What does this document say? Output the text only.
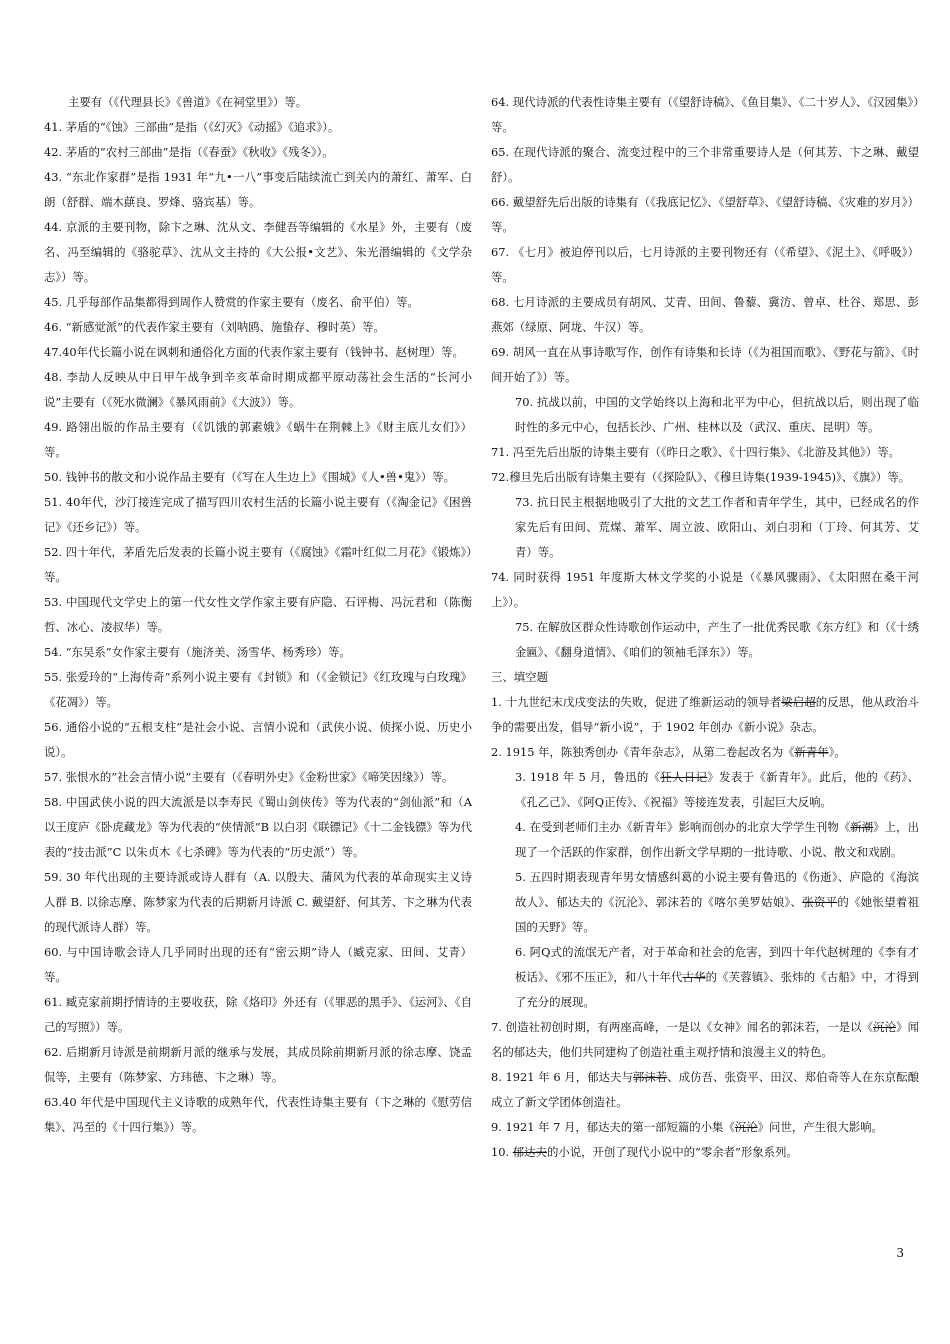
主要有（《代理县长》《兽道》《在祠堂里》）等。

41. 茅盾的“《蚀》三部曲”是指（《幻灭》《动摇》《追求》）。

42. 茅盾的“农村三部曲”是指（《春蚕》《秋收》《残冬》）。

43. “东北作家群”是指 1931 年“九•一八”事变后陆续流亡到关内的萧红、萧军、白朗（舒群、端木蕻良、罗烽、骆宾基）等。

44. 京派的主要刊物，除卞之琳、沈从文、李健吾等编辑的《水星》外，主要有（废名、冯至编辑的《骆驼草》、沈从文主持的《大公报•文艺》、朱光潜编辑的《文学杂志》）等。

45. 几乎每部作品集都得到周作人赞赏的作家主要有（废名、俞平伯）等。

46. “新感觉派”的代表作家主要有（刘呐鸥、施蛰存、穆时英）等。

47.40年代长篇小说在讽刺和通俗化方面的代表作家主要有（钱钟书、赵树理）等。

48. 李劼人反映从中日甲午战争到辛亥革命时期成都平原动荡社会生活的“长河小说”主要有（《死水微澜》《暴风雨前》《大波》）等。

49. 路翎出版的作品主要有（《饥饿的郭素娥》《蜗牛在荆棘上》《财主底儿女们》）等。

50. 钱钟书的散文和小说作品主要有（《写在人生边上》《围城》《人•兽•鬼》）等。

51. 40年代，沙汀接连完成了描写四川农村生活的长篇小说主要有（《淘金记》《困兽记》《还乡记》）等。

52. 四十年代，茅盾先后发表的长篇小说主要有（《腐蚀》《霜叶红似二月花》《锻炼》）等。

53. 中国现代文学史上的第一代女性文学作家主要有庐隐、石评梅、冯沅君和（陈衡哲、冰心、凌叔华）等。

54. “东吴系”女作家主要有（施济美、汤雪华、杨秀珍）等。

55. 张爱玲的“上海传奇”系列小说主要有《封锁》和（《金锁记》《红玫瑰与白玫瑰》《花凋》）等。

56. 通俗小说的“五根支柱”是社会小说、言情小说和（武侠小说、侦探小说、历史小说）。

57. 张恨水的“社会言情小说”主要有（《春明外史》《金粉世家》《啼笑因缘》）等。

58. 中国武侠小说的四大流派是以李寿民《蜀山剑侠传》等为代表的“剑仙派”和（A 以王度庐《卧虎藏龙》等为代表的“侠情派”B 以白羽《联镖记》《十二金钱镖》等为代表的“技击派”C 以朱贞木《七杀碑》等为代表的“历史派”）等。

59. 30 年代出现的主要诗派或诗人群有（A. 以殷夫、蒲风为代表的革命现实主义诗人群 B. 以徐志摩、陈梦家为代表的后期新月诗派 C. 戴望舒、何其芳、卞之琳为代表的现代派诗人群）等。

60. 与中国诗歌会诗人几乎同时出现的还有“密云期”诗人（臧克家、田间、艾青）等。

61. 臧克家前期抒情诗的主要收获，除《烙印》外还有（《罪恶的黑手》、《运河》、《自己的写照》）等。

62. 后期新月诗派是前期新月派的继承与发展，其成员除前期新月派的徐志摩、饶孟侃等，主要有（陈梦家、方玮德、卞之琳）等。

63.40 年代是中国现代主义诗歌的成熟年代，代表性诗集主要有（卞之琳的《慰劳信集》、冯至的《十四行集》）等。

64. 现代诗派的代表性诗集主要有（《望舒诗稿》、《鱼目集》、《二十岁人》、《汉园集》）等。

65. 在现代诗派的聚合、流变过程中的三个非常重要诗人是（何其芳、卞之琳、戴望舒）。

66. 戴望舒先后出版的诗集有（《我底记忆》、《望舒草》、《望舒诗稿、《灾难的岁月》）等。

67. 《七月》被迫停刊以后，七月诗派的主要刊物还有（《希望》、《泥土》、《呼吸》）等。

68. 七月诗派的主要成员有胡风、艾青、田间、鲁藜、冀汸、曾卓、杜谷、郑思、彭燕郊（绿原、阿垅、牛汉）等。

69. 胡风一直在从事诗歌写作，创作有诗集和长诗（《为祖国而歌》、《野花与箭》、《时间开始了》）等。

70. 抗战以前，中国的文学始终以上海和北平为中心，但抗战以后，则出现了临时性的多元中心，包括长沙、广州、桂林以及（武汉、重庆、昆明）等。

71. 冯至先后出版的诗集主要有（《昨日之歌》、《十四行集》、《北游及其他》）等。

72.穆旦先后出版有诗集主要有（《探险队》、《穆旦诗集(1939-1945)》、《旗》）等。

73. 抗日民主根据地吸引了大批的文艺工作者和青年学生，其中，已经成名的作家先后有田间、荒煤、萧军、周立波、欧阳山、刘白羽和（丁玲、何其芳、艾青）等。

74. 同时获得 1951 年度斯大林文学奖的小说是（《暴风骤雨》、《太阳照在桑干河上》）。

75. 在解放区群众性诗歌创作运动中，产生了一批优秀民歌《东方红》和（《十绣金匾》、《翻身道情》、《咱们的领袖毛泽东》）等。

三、填空题

1. 十九世纪末戊戌变法的失败，促进了维新运动的领导者梁启超的反思，他从政治斗争的需要出发，倡导“新小说”，于 1902 年创办《新小说》杂志。

2. 1915 年，陈独秀创办《青年杂志》，从第二卷起改名为《新青年》。

3. 1918 年 5 月，鲁迅的《狂人日记》发表于《新青年》。此后，他的《药》、《孔乙己》、《阿Q正传》、《祝福》等接连发表，引起巨大反响。

4. 在受到老师们主办《新青年》影响而创办的北京大学学生刊物《新潮》上，出现了一个活跃的作家群，创作出新文学早期的一批诗歌、小说、散文和戏剧。

5. 五四时期表现青年男女情感纠葛的小说主要有鲁迅的《伤逝》、庐隐的《海滨故人》、郁达夫的《沉沦》、郭沫若的《喀尔美罗姑娘》、张资平的《她怅望着祖国的天野》等。

6. 阿Q式的流氓无产者，对于革命和社会的危害，到四十年代赵树理的《李有才板话》、《邪不压正》，和八十年代古华的《芙蓉镇》、张炜的《古船》中，才得到了充分的展现。

7. 创造社初创时期，有两座高峰，一是以《女神》闻名的郭沫若，一是以《沉沦》闻名的郁达夫，他们共同建构了创造社重主观抒情和浪漫主义的特色。

8. 1921 年 6 月，郁达夫与郭沫若、成仿吾、张资平、田汉、郑伯奇等人在东京酝酿成立了新文学团体创造社。

9. 1921 年 7 月，郁达夫的第一部短篇的小集《沉沦》问世，产生很大影响。

10. 郁达夫的小说，开创了现代小说中的“零余者”形象系列。

3
